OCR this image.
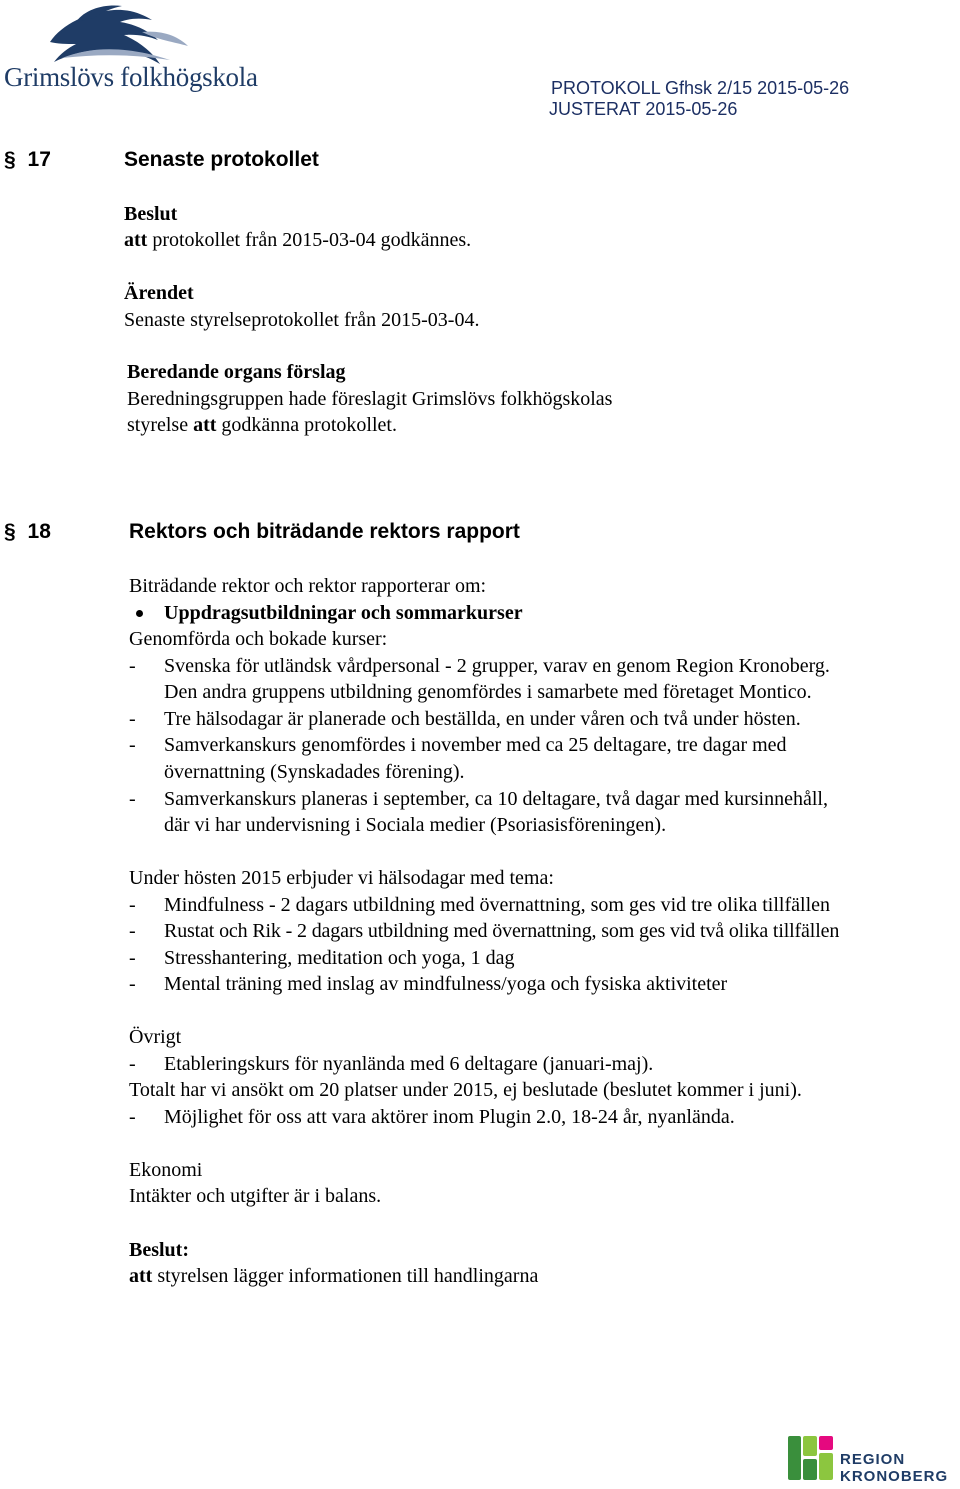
Grimslövs folkhögskola	PROTOKOLL Gfhsk 2/15 2015-05-26
JUSTERAT 2015-05-26
§ 17	Senaste protokollet
Beslut
att protokollet från 2015-03-04 godkännes.
Ärendet
Senaste styrelseprotokollet från 2015-03-04.
Beredande organs förslag
Beredningsgruppen hade föreslagit Grimslövs folkhögskolas
styrelse att godkänna protokollet.
§ 18	Rektors och biträdande rektors rapport
Biträdande rektor och rektor rapporterar om:
Uppdragsutbildningar och sommarkurser
Genomförda och bokade kurser:
- Svenska för utländsk vårdpersonal - 2 grupper, varav en genom Region Kronoberg.
Den andra gruppens utbildning genomfördes i samarbete med företaget Montico.
- Tre hälsodagar är planerade och beställda, en under våren och två under hösten.
- Samverkanskurs genomfördes i november med ca 25 deltagare, tre dagar med
övernattning (Synskadades förening).
- Samverkanskurs planeras i september, ca 10 deltagare, två dagar med kursinnehåll,
där vi har undervisning i Sociala medier (Psoriasisföreningen).
Under hösten 2015 erbjuder vi hälsodagar med tema:
- Mindfulness - 2 dagars utbildning med övernattning, som ges vid tre olika tillfällen
- Rustat och Rik - 2 dagars utbildning med övernattning, som ges vid två olika tillfällen
- Stresshantering, meditation och yoga, 1 dag
- Mental träning med inslag av mindfulness/yoga och fysiska aktiviteter
Övrigt
- Etableringskurs för nyanlända med 6 deltagare (januari-maj).
Totalt har vi ansökt om 20 platser under 2015, ej beslutade (beslutet kommer i juni).
- Möjlighet för oss att vara aktörer inom Plugin 2.0, 18-24 år, nyanlända.
Ekonomi
Intäkter och utgifter är i balans.
Beslut:
att styrelsen lägger informationen till handlingarna
REGION
KRONOBERG
